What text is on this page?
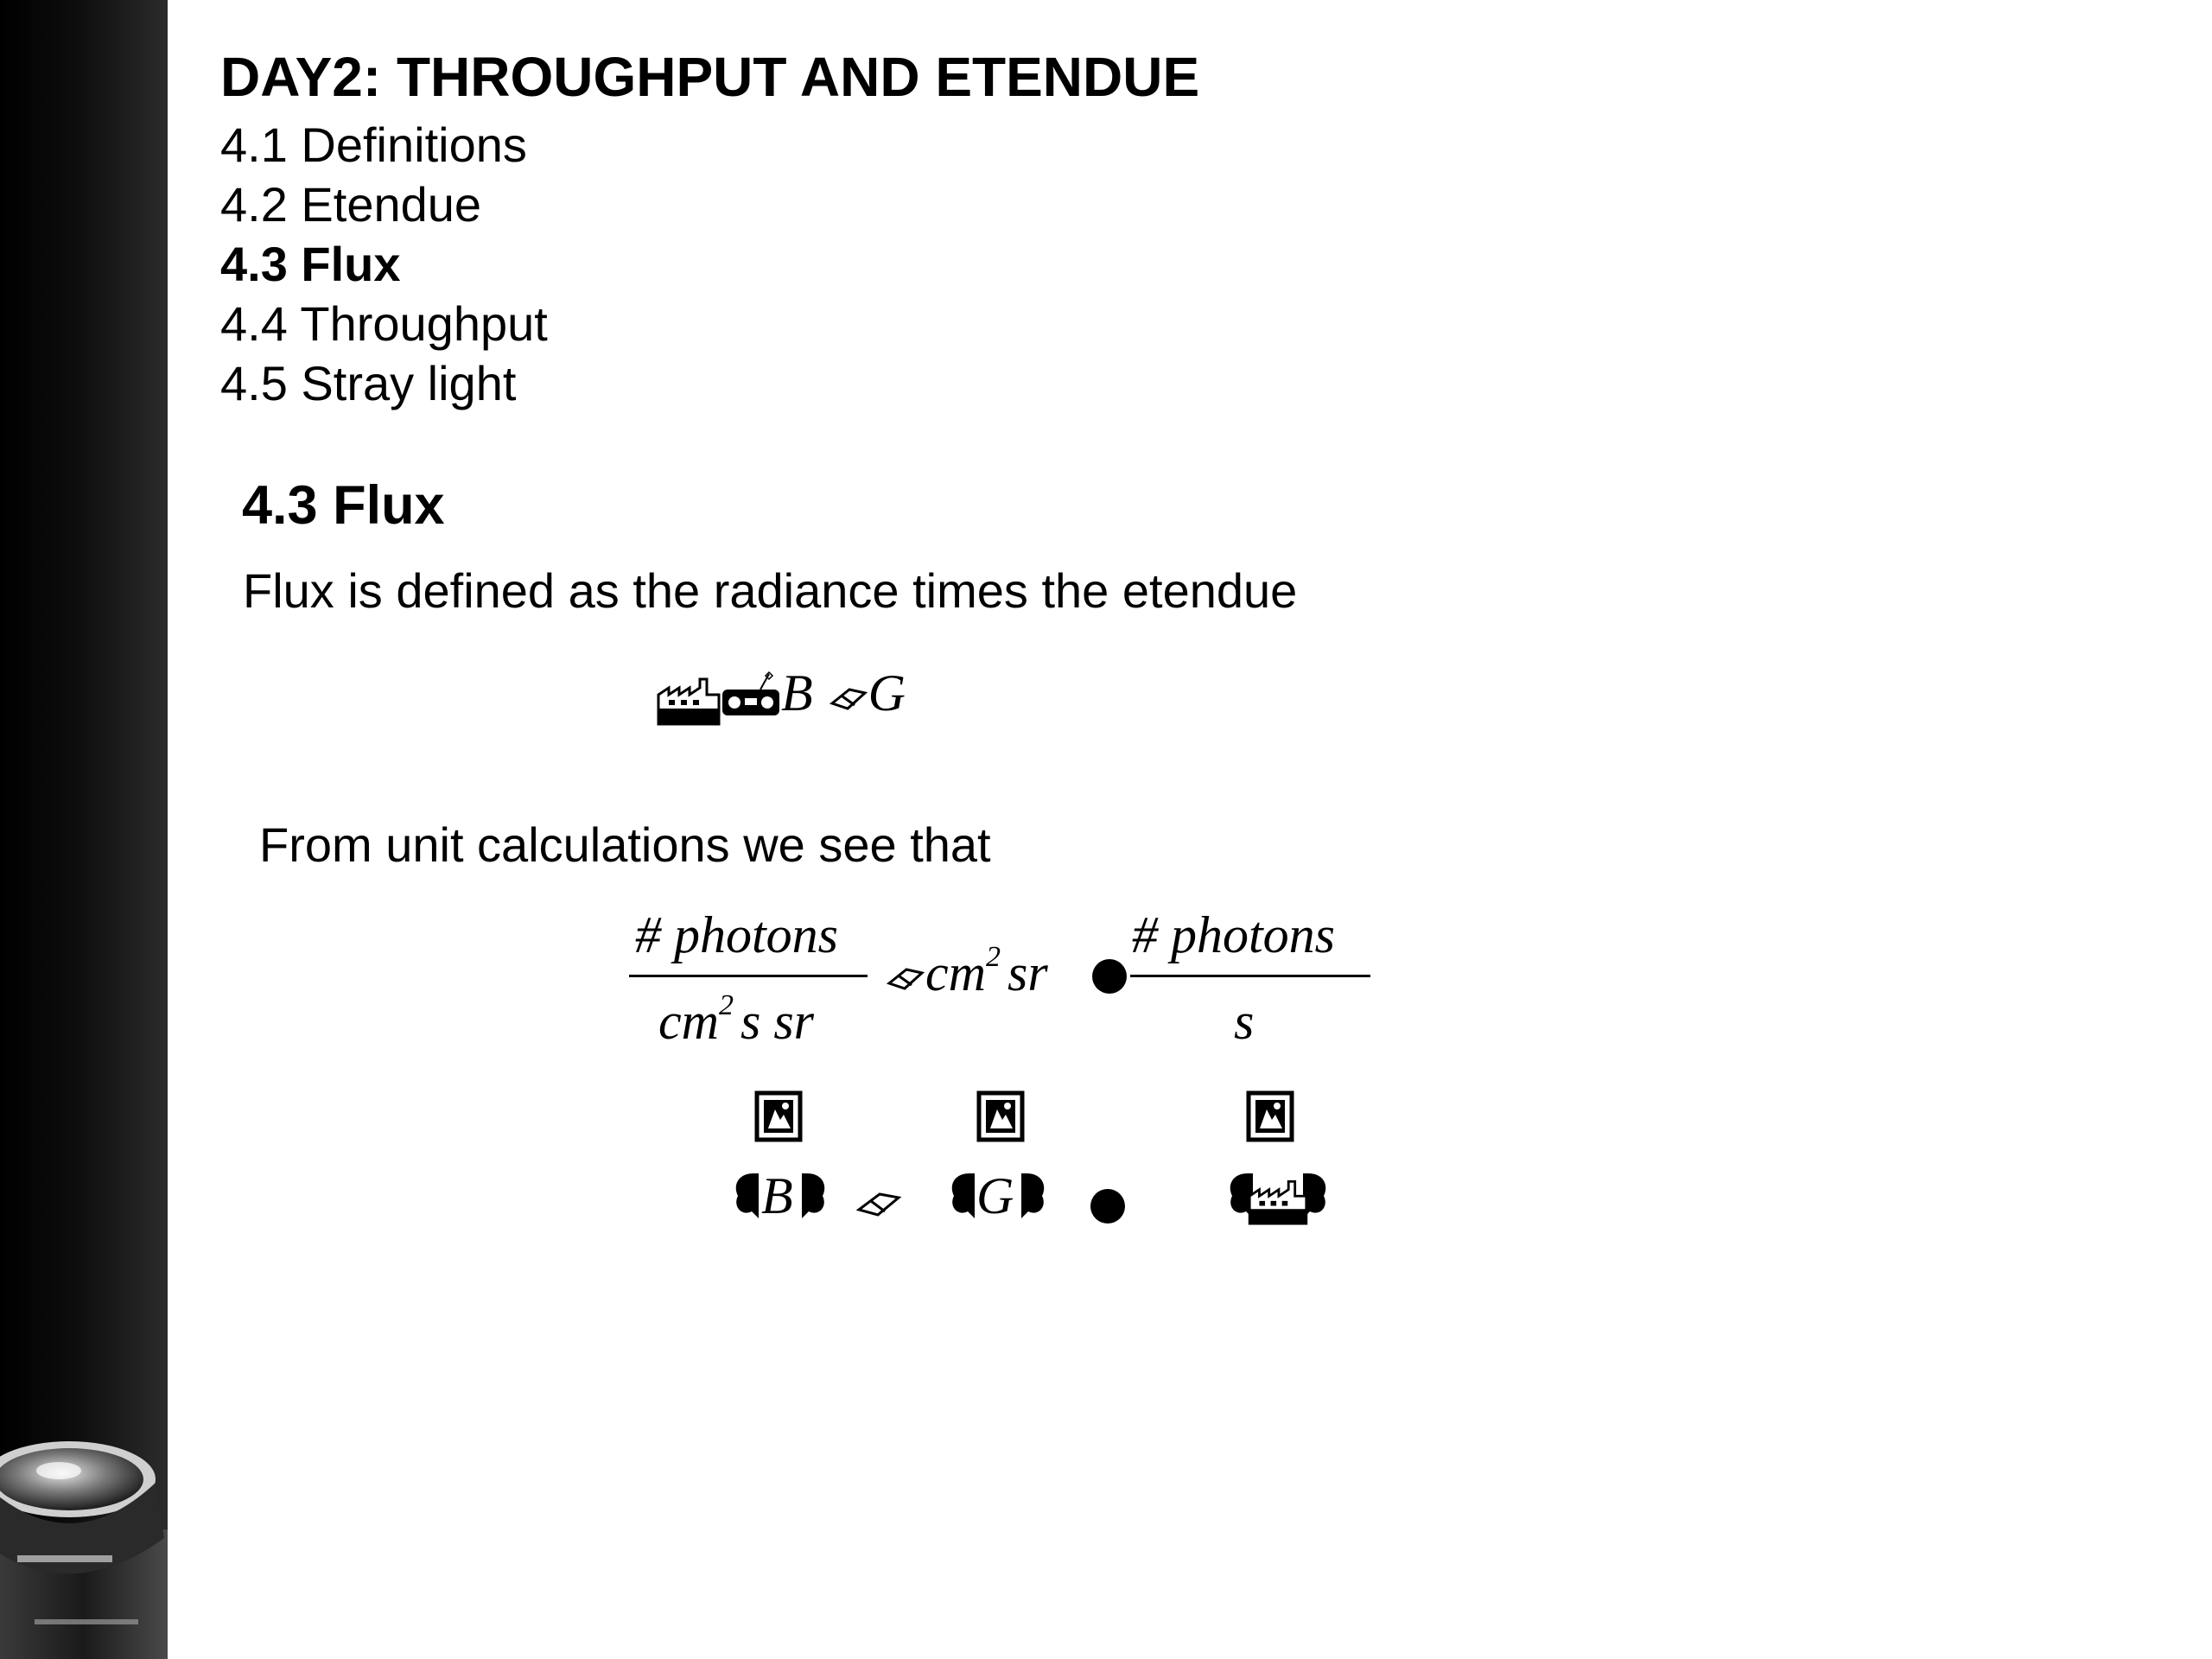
DAY2: THROUGHPUT AND ETENDUE
4.1 Definitions
4.2 Etendue
4.3 Flux
4.4 Throughput
4.5 Stray light
4.3 Flux

Flux is defined as the radiance times the etendue

B G

From unit calculations we see that

# photons
$cm^2$ s sr
$cm^2$ sr
# photons
s
B	G
